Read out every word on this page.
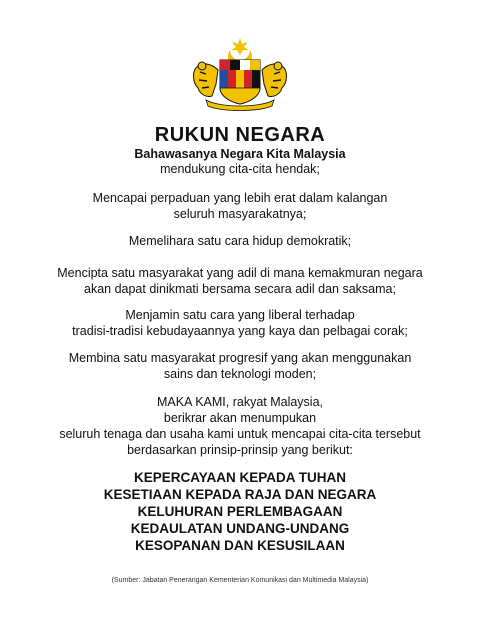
RUKUN NEGARA
Bahawasanya Negara Kita Malaysia
mendukung cita-cita hendak;
Mencapai perpaduan yang lebih erat dalam kalangan
seluruh masyarakatnya;
Memelihara satu cara hidup demokratik;
Mencipta satu masyarakat yang adil di mana kemakmuran negara
akan dapat dinikmati bersama secara adil dan saksama;
Menjamin satu cara yang liberal terhadap
tradisi-tradisi kebudayaannya yang kaya dan pelbagai corak;
Membina satu masyarakat progresif yang akan menggunakan
sains dan teknologi moden;
MAKA KAMI, rakyat Malaysia,
berikrar akan menumpukan
seluruh tenaga dan usaha kami untuk mencapai cita-cita tersebut
berdasarkan prinsip-prinsip yang berikut:
KEPERCAYAAN KEPADA TUHAN
KESETIAAN KEPADA RAJA DAN NEGARA
KELUHURAN PERLEMBAGAAN
KEDAULATAN UNDANG-UNDANG
KESOPANAN DAN KESUSILAAN
(Sumber: Jabatan Penerangan Kementerian Komunikasi dan Multimedia Malaysia)
